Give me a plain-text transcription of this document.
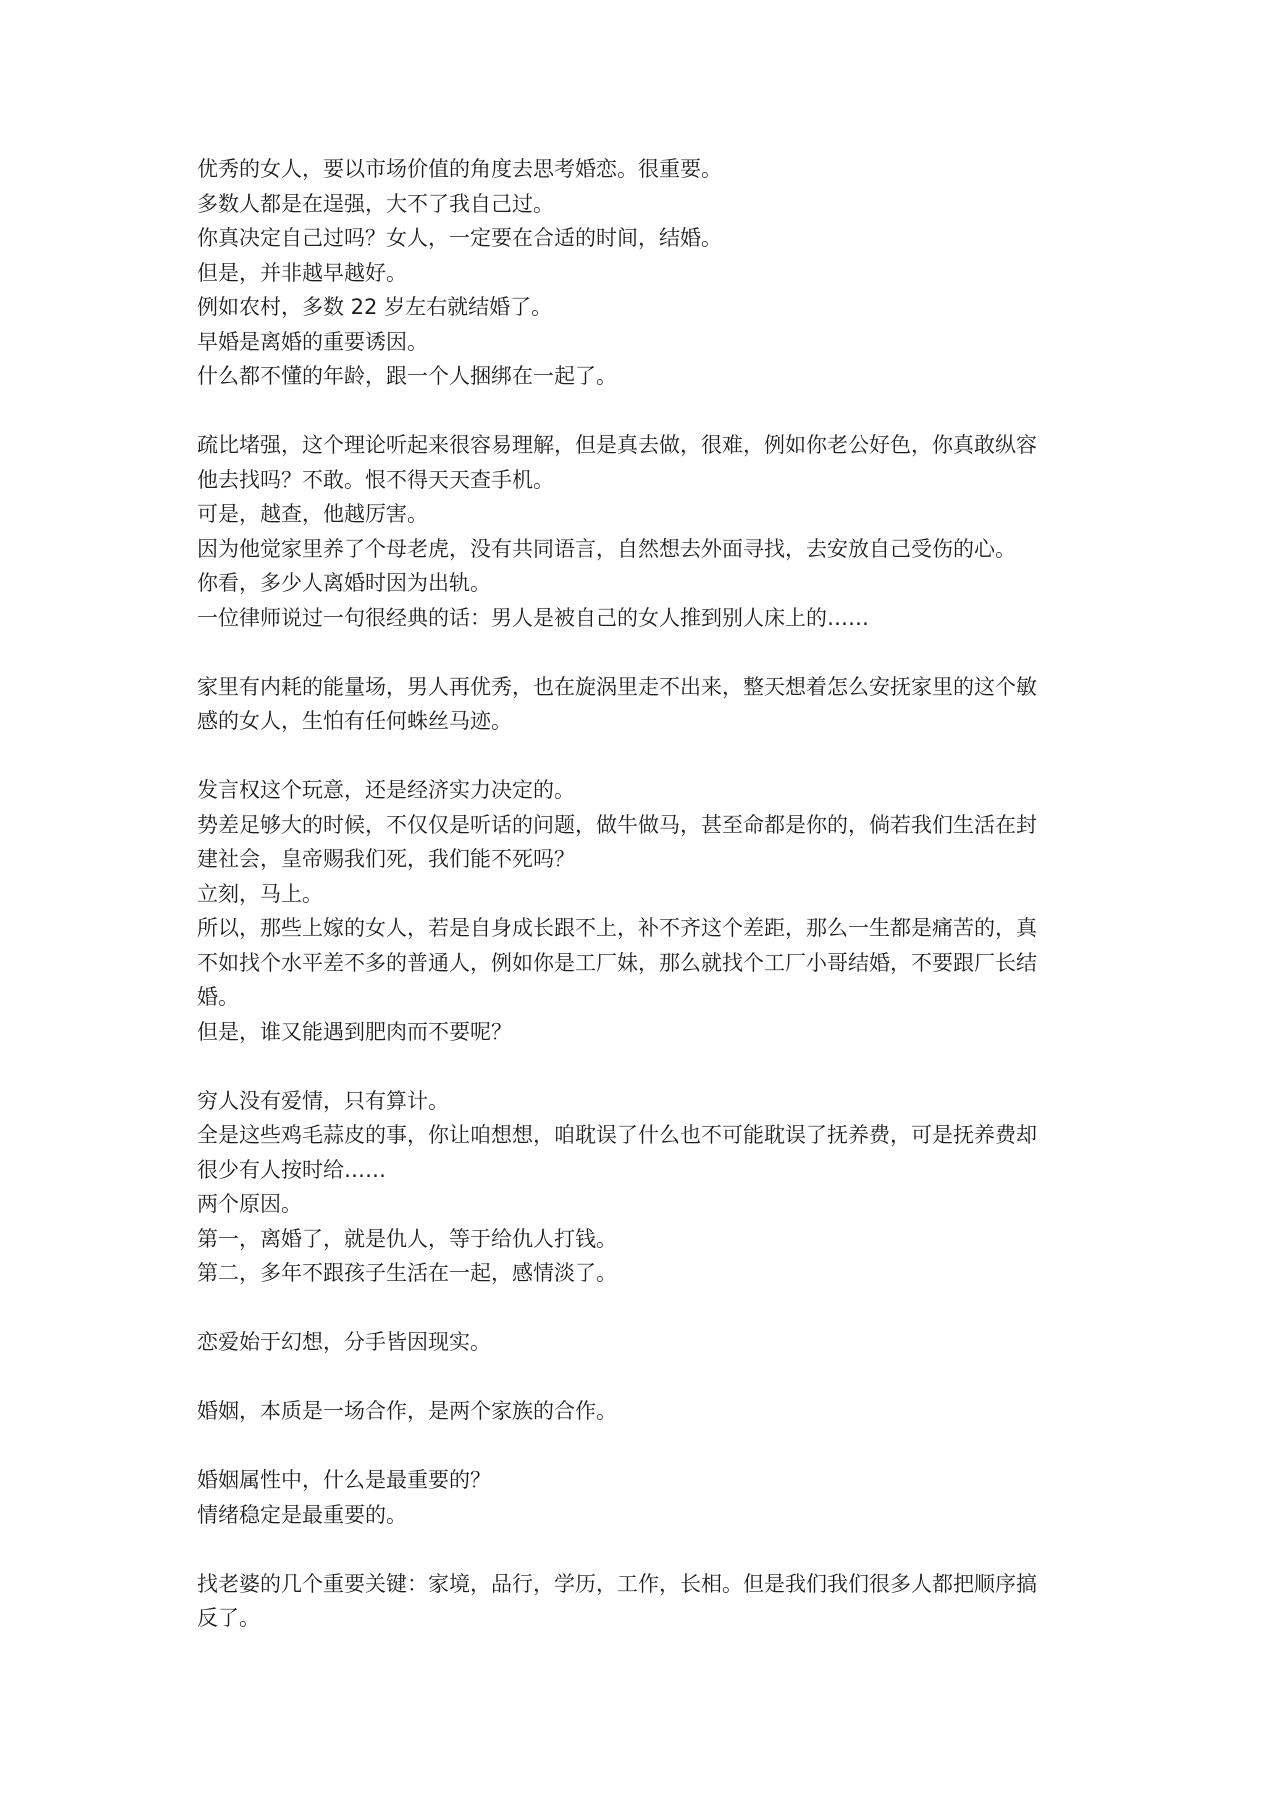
优秀的女人，要以市场价值的角度去思考婚恋。很重要。
多数人都是在逞强，大不了我自己过。
你真决定自己过吗？女人，一定要在合适的时间，结婚。
但是，并非越早越好。
例如农村，多数 22 岁左右就结婚了。
早婚是离婚的重要诱因。
什么都不懂的年龄，跟一个人捆绑在一起了。
疏比堵强，这个理论听起来很容易理解，但是真去做，很难，例如你老公好色，你真敢纵容
他去找吗？不敢。恨不得天天查手机。
可是，越查，他越厉害。
因为他觉家里养了个母老虎，没有共同语言，自然想去外面寻找，去安放自己受伤的心。
你看，多少人离婚时因为出轨。
一位律师说过一句很经典的话：男人是被自己的女人推到别人床上的……
家里有内耗的能量场，男人再优秀，也在旋涡里走不出来，整天想着怎么安抚家里的这个敏
感的女人，生怕有任何蛛丝马迹。
发言权这个玩意，还是经济实力决定的。
势差足够大的时候，不仅仅是听话的问题，做牛做马，甚至命都是你的，倘若我们生活在封
建社会，皇帝赐我们死，我们能不死吗？
立刻，马上。
所以，那些上嫁的女人，若是自身成长跟不上，补不齐这个差距，那么一生都是痛苦的，真
不如找个水平差不多的普通人，例如你是工厂妹，那么就找个工厂小哥结婚，不要跟厂长结
婚。
但是，谁又能遇到肥肉而不要呢？
穷人没有爱情，只有算计。
全是这些鸡毛蒜皮的事，你让咱想想，咱耽误了什么也不可能耽误了抚养费，可是抚养费却
很少有人按时给……
两个原因。
第一，离婚了，就是仇人，等于给仇人打钱。
第二，多年不跟孩子生活在一起，感情淡了。
恋爱始于幻想，分手皆因现实。
婚姻，本质是一场合作，是两个家族的合作。
婚姻属性中，什么是最重要的？
情绪稳定是最重要的。
找老婆的几个重要关键：家境，品行，学历，工作，长相。但是我们我们很多人都把顺序搞
反了。
